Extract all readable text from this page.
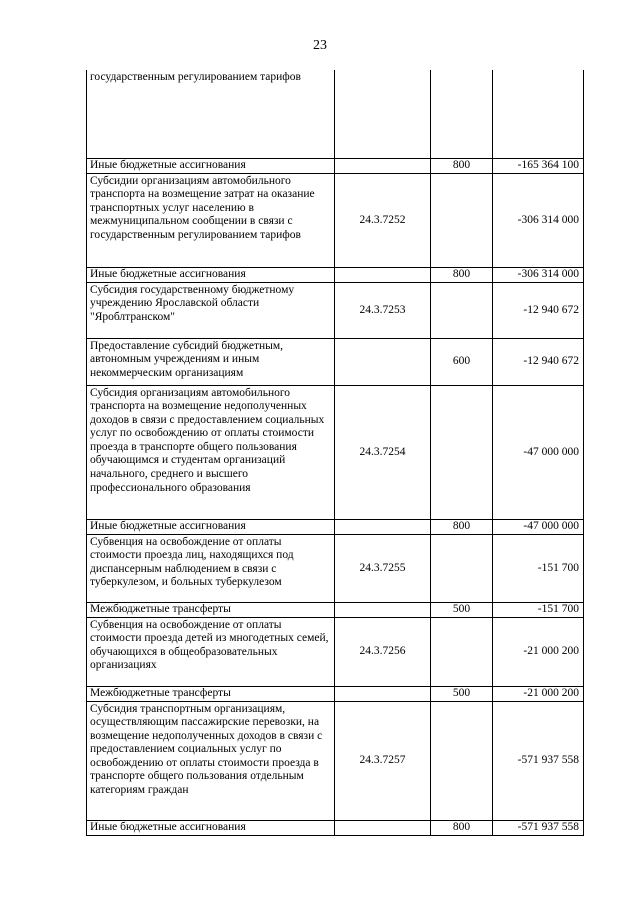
23
государственным регулированием тарифов			
Иные бюджетные ассигнования		800	-165 364 100
Субсидии организациям автомобильного транспорта на возмещение затрат на оказание транспортных услуг населению в межмуниципальном сообщении в связи с государственным регулированием тарифов	24.3.7252		-306 314 000
Иные бюджетные ассигнования		800	-306 314 000
Субсидия государственному бюджетному учреждению Ярославской области "Яроблтранском"	24.3.7253		-12 940 672
Предоставление субсидий бюджетным, автономным учреждениям и иным некоммерческим организациям		600	-12 940 672
Субсидия организациям автомобильного транспорта на возмещение недополученных доходов в связи с предоставлением социальных услуг по освобождению от оплаты стоимости проезда в транспорте общего пользования обучающимся и студентам организаций начального, среднего и высшего профессионального образования	24.3.7254		-47 000 000
Иные бюджетные ассигнования		800	-47 000 000
Субвенция на освобождение от оплаты стоимости проезда лиц, находящихся под диспансерным наблюдением в связи с туберкулезом, и больных туберкулезом	24.3.7255		-151 700
Межбюджетные трансферты		500	-151 700
Субвенция на освобождение от оплаты стоимости проезда детей из многодетных семей, обучающихся в общеобразовательных организациях	24.3.7256		-21 000 200
Межбюджетные трансферты		500	-21 000 200
Субсидия транспортным организациям, осуществляющим пассажирские перевозки, на возмещение недополученных доходов в связи с предоставлением социальных услуг по освобождению от оплаты стоимости проезда в транспорте общего пользования отдельным категориям граждан	24.3.7257		-571 937 558
Иные бюджетные ассигнования		800	-571 937 558
